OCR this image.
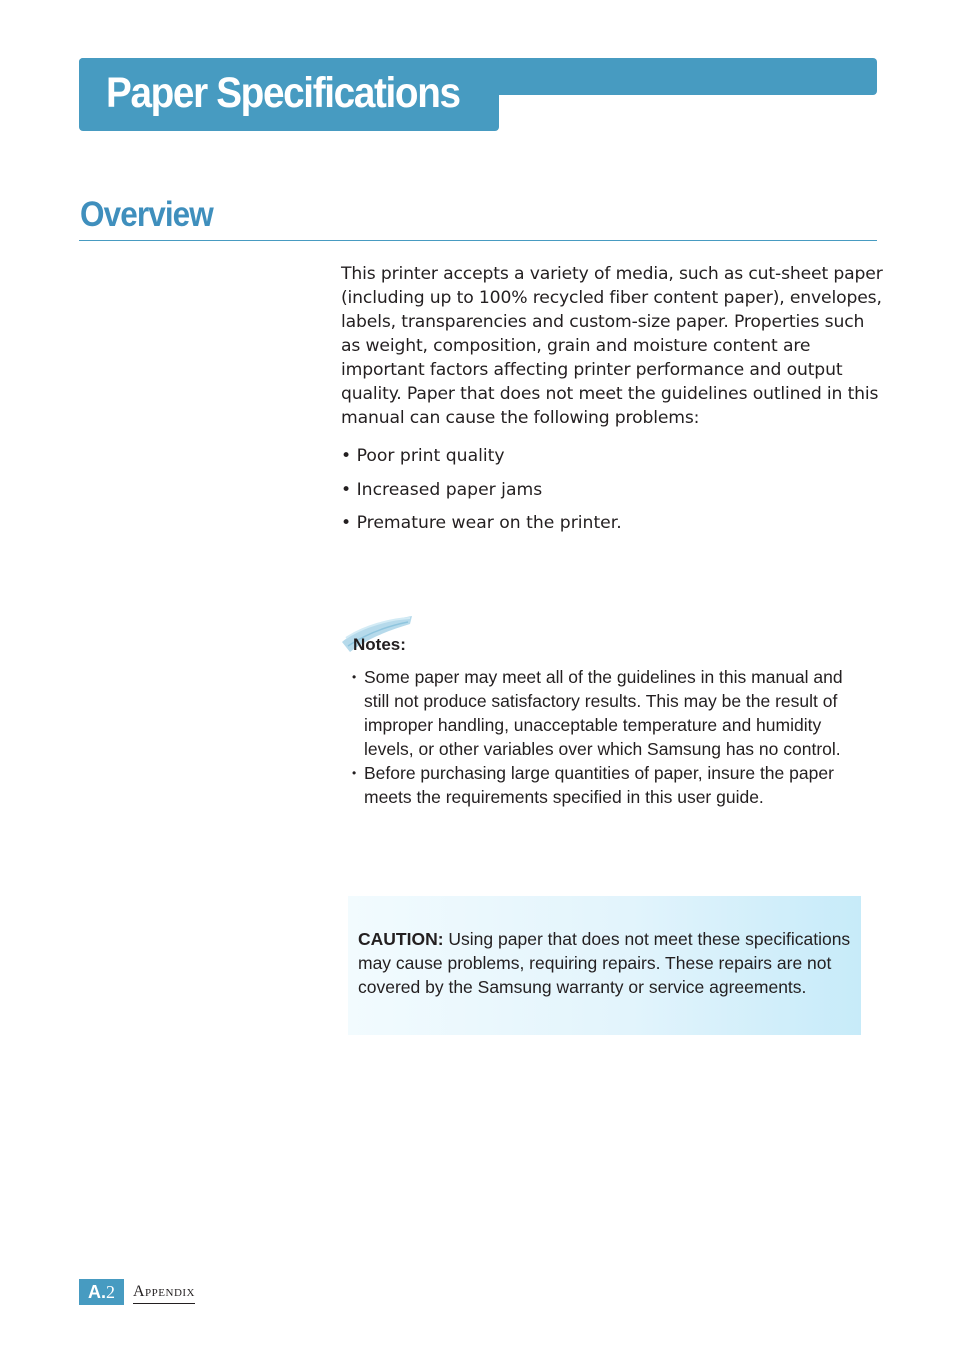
Paper Specifications
Overview

This printer accepts a variety of media, such as cut-sheet paper (including up to 100% recycled fiber content paper), envelopes, labels, transparencies and custom-size paper. Properties such as weight, composition, grain and moisture content are important factors affecting printer performance and output quality. Paper that does not meet the guidelines outlined in this manual can cause the following problems:

• Poor print quality
• Increased paper jams
• Premature wear on the printer.
Notes:
• Some paper may meet all of the guidelines in this manual and still not produce satisfactory results. This may be the result of improper handling, unacceptable temperature and humidity levels, or other variables over which Samsung has no control.
• Before purchasing large quantities of paper, insure the paper meets the requirements specified in this user guide.

CAUTION: Using paper that does not meet these specifications may cause problems, requiring repairs. These repairs are not covered by the Samsung warranty or service agreements.

A.2	Appendix
